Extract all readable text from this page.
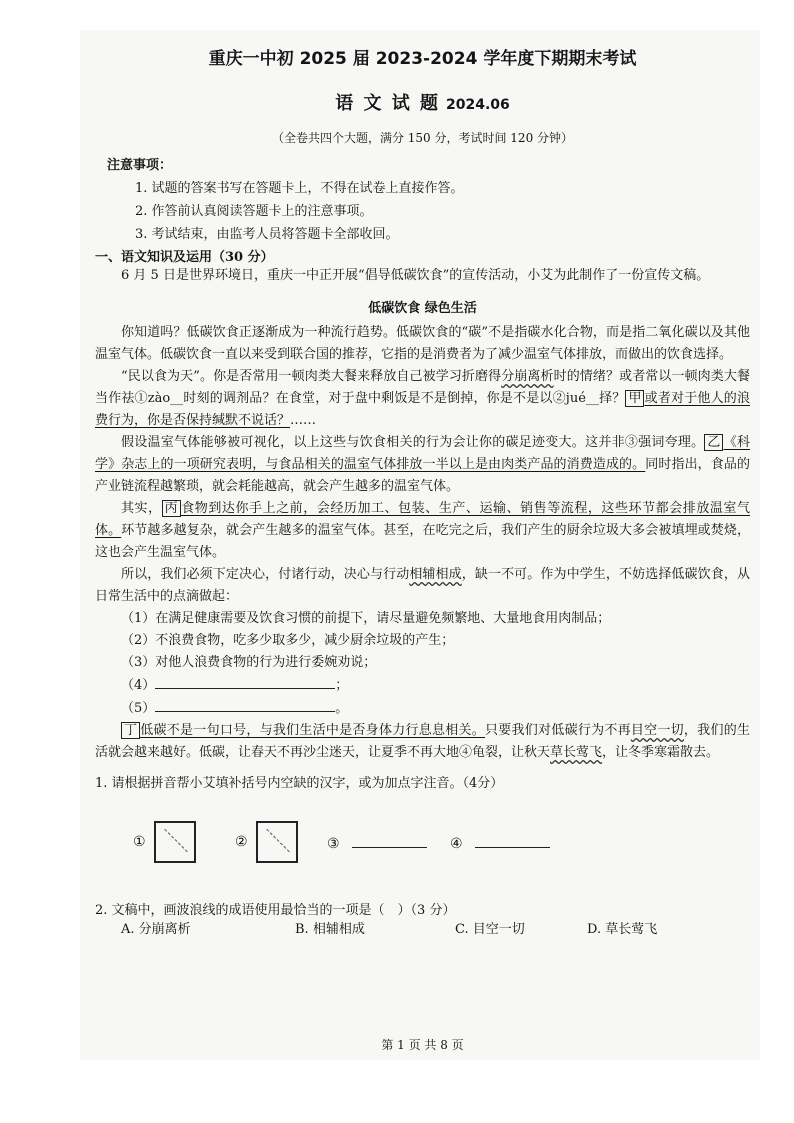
重庆一中初 2025 届 2023-2024 学年度下期期末考试
语 文 试 题 2024.06
（全卷共四个大题，满分 150 分，考试时间 120 分钟）
注意事项：
1. 试题的答案书写在答题卡上，不得在试卷上直接作答。
2. 作答前认真阅读答题卡上的注意事项。
3. 考试结束，由监考人员将答题卡全部收回。
一、语文知识及运用（30 分）

6 月 5 日是世界环境日，重庆一中正开展“倡导低碳饮食”的宣传活动，小艾为此制作了一份宣传文稿。

低碳饮食 绿色生活

你知道吗？低碳饮食正逐渐成为一种流行趋势。低碳饮食的“碳”不是指碳水化合物，而是指二氧化碳以及其他温室气体。低碳饮食一直以来受到联合国的推荐，它指的是消费者为了减少温室气体排放，而做出的饮食选择。

“民以食为天”。你是否常用一顿肉类大餐来释放自己被学习折磨得分崩离析时的情绪？或者常以一顿肉类大餐当作祛①zào__时刻的调剂品？在食堂，对于盘中剩饭是不是倒掉，你是不是以②jué__择？ 甲 或者对于他人的浪费行为，你是否保持缄默不说话？……

假设温室气体能够被可视化，以上这些与饮食相关的行为会让你的碳足迹变大。这并非③强词夸理。 乙 《科学》杂志上的一项研究表明，与食品相关的温室气体排放一半以上是由肉类产品的消费造成的。同时指出，食品的产业链流程越繁琐，就会耗能越高，就会产生越多的温室气体。

其实， 丙 食物到达你手上之前，会经历加工、包装、生产、运输、销售等流程，这些环节都会排放温室气体。环节越多越复杂，就会产生越多的温室气体。甚至，在吃完之后，我们产生的厨余垃圾大多会被填埋或焚烧，这也会产生温室气体。

所以，我们必须下定决心，付诸行动，决心与行动相辅相成，缺一不可。作为中学生，不妨选择低碳饮食，从日常生活中的点滴做起：

（1）在满足健康需要及饮食习惯的前提下，请尽量避免频繁地、大量地食用肉制品；
（2）不浪费食物，吃多少取多少，减少厨余垃圾的产生；
（3）对他人浪费食物的行为进行委婉劝说；
（4）	；
（5）	。

丁 低碳不是一句口号，与我们生活中是否身体力行息息相关。只要我们对低碳行为不再目空一切，我们的生活就会越来越好。低碳，让春天不再沙尘迷天，让夏季不再大地④龟裂，让秋天草长莺飞，让冬季寒霜散去。

1. 请根据拼音帮小艾填补括号内空缺的汉字，或为加点字注音。（4分）
①	②	③	④
2. 文稿中，画波浪线的成语使用最恰当的一项是（　）（3 分）
A. 分崩离析	B. 相辅相成	C. 目空一切	D. 草长莺飞
第 1 页 共 8 页
